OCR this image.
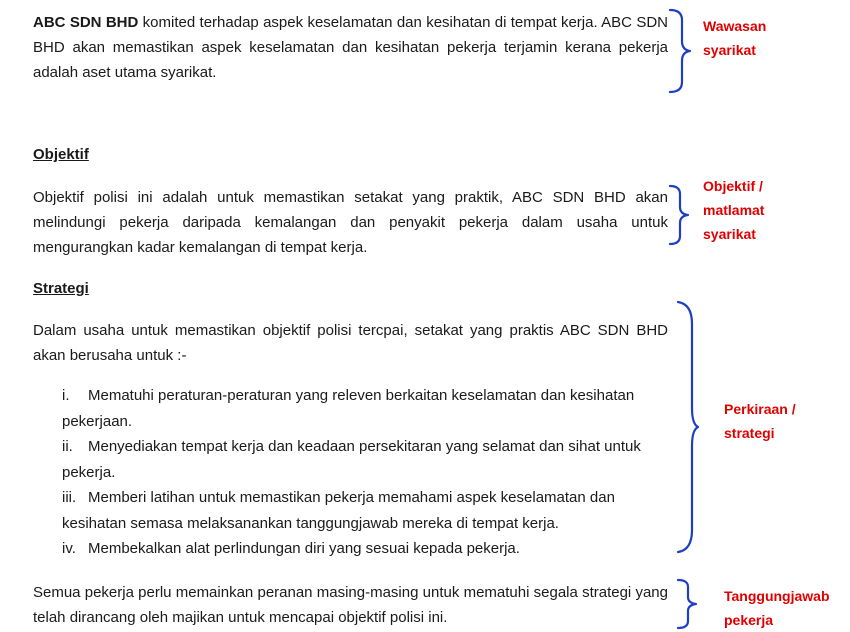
ABC SDN BHD komited terhadap aspek keselamatan dan kesihatan di tempat kerja. ABC SDN BHD akan memastikan aspek keselamatan dan kesihatan pekerja terjamin kerana pekerja adalah aset utama syarikat.
Objektif
Objektif polisi ini adalah untuk memastikan setakat yang praktik, ABC SDN BHD akan melindungi pekerja daripada kemalangan dan penyakit pekerja dalam usaha untuk mengurangkan kadar kemalangan di tempat kerja.
Strategi
Dalam usaha untuk memastikan objektif polisi tercpai, setakat yang praktis ABC SDN BHD akan berusaha untuk :-
i. Mematuhi peraturan-peraturan yang releven berkaitan keselamatan dan kesihatan pekerjaan.
ii. Menyediakan tempat kerja dan keadaan persekitaran yang selamat dan sihat untuk pekerja.
iii. Memberi latihan untuk memastikan pekerja memahami aspek keselamatan dan kesihatan semasa melaksanankan tanggungjawab mereka di tempat kerja.
iv. Membekalkan alat perlindungan diri yang sesuai kepada pekerja.
Semua pekerja perlu memainkan peranan masing-masing untuk mematuhi segala strategi yang telah dirancang oleh majikan untuk mencapai objektif polisi ini.
Wawasan
syarikat
Objektif /
matlamat
syarikat
Perkiraan /
strategi
Tanggungjawab
pekerja
